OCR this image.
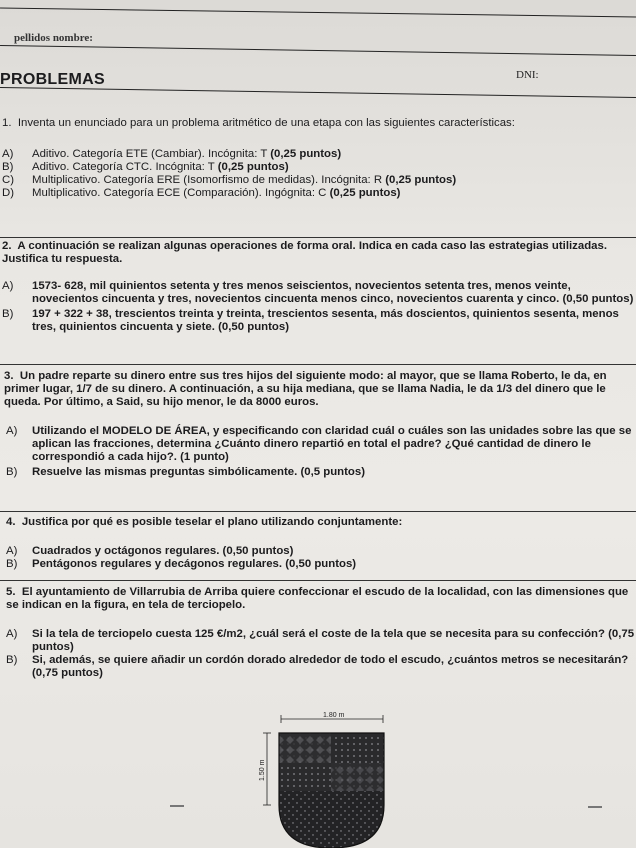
pellidos nombre:
PROBLEMAS	DNI:

1. Inventa un enunciado para un problema aritmético de una etapa con las siguientes características:

A)	Aditivo. Categoría ETE (Cambiar). Incógnita: T (0,25 puntos)
B)	Aditivo. Categoría CTC. Incógnita: T (0,25 puntos)
C)	Multiplicativo. Categoría ERE (Isomorfismo de medidas). Incógnita: R (0,25 puntos)
D)	Multiplicativo. Categoría ECE (Comparación). Ingógnita: C (0,25 puntos)

2. A continuación se realizan algunas operaciones de forma oral. Indica en cada caso las estrategias utilizadas. Justifica tu respuesta.

A)	1573- 628, mil quinientos setenta y tres menos seiscientos, novecientos setenta tres, menos veinte, novecientos cincuenta y tres, novecientos cincuenta menos cinco, novecientos cuarenta y cinco. (0,50 puntos)
B)	197 + 322 + 38, trescientos treinta y treinta, trescientos sesenta, más doscientos, quinientos sesenta, menos tres, quinientos cincuenta y siete. (0,50 puntos)

3. Un padre reparte su dinero entre sus tres hijos del siguiente modo: al mayor, que se llama Roberto, le da, en primer lugar, 1/7 de su dinero. A continuación, a su hija mediana, que se llama Nadia, le da 1/3 del dinero que le queda. Por último, a Said, su hijo menor, le da 8000 euros.

A)	Utilizando el MODELO DE ÁREA, y especificando con claridad cuál o cuáles son las unidades sobre las que se aplican las fracciones, determina ¿Cuánto dinero repartió en total el padre? ¿Qué cantidad de dinero le correspondió a cada hijo?. (1 punto)
B)	Resuelve las mismas preguntas simbólicamente. (0,5 puntos)

4. Justifica por qué es posible teselar el plano utilizando conjuntamente:

A)	Cuadrados y octágonos regulares. (0,50 puntos)
B)	Pentágonos regulares y decágonos regulares. (0,50 puntos)

5. El ayuntamiento de Villarrubia de Arriba quiere confeccionar el escudo de la localidad, con las dimensiones que se indican en la figura, en tela de terciopelo.

A)	Si la tela de terciopelo cuesta 125 €/m2, ¿cuál será el coste de la tela que se necesita para su confección? (0,75 puntos)
B)	Si, además, se quiere añadir un cordón dorado alrededor de todo el escudo, ¿cuántos metros se necesitarán? (0,75 puntos)
1.80 m
1.50 m
